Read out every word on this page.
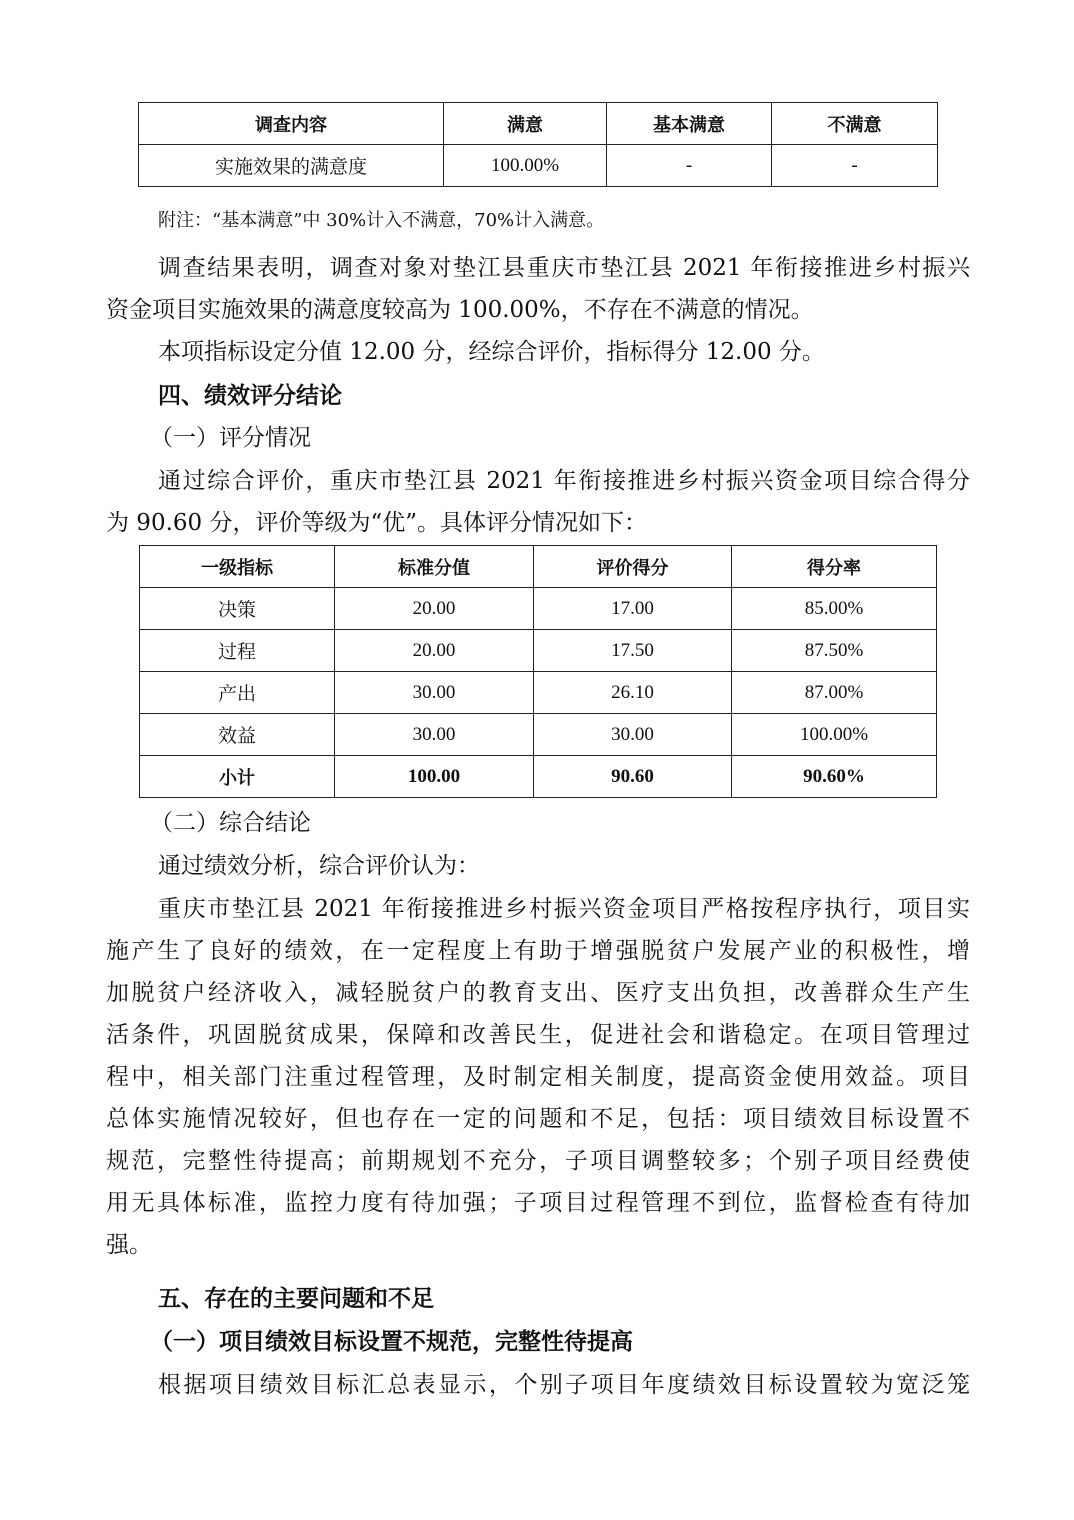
调查内容	满意	基本满意	不满意
实施效果的满意度	100.00%	-	-
附注：“基本满意”中 30%计入不满意，70%计入满意。
调查结果表明，调查对象对垫江县重庆市垫江县 2021 年衔接推进乡村振兴
资金项目实施效果的满意度较高为 100.00%，不存在不满意的情况。
本项指标设定分值 12.00 分，经综合评价，指标得分 12.00 分。
四、绩效评分结论
（一）评分情况
通过综合评价，重庆市垫江县 2021 年衔接推进乡村振兴资金项目综合得分
为 90.60 分，评价等级为“优”。具体评分情况如下：
一级指标	标准分值	评价得分	得分率
决策	20.00	17.00	85.00%
过程	20.00	17.50	87.50%
产出	30.00	26.10	87.00%
效益	30.00	30.00	100.00%
小计	100.00	90.60	90.60%
（二）综合结论
通过绩效分析，综合评价认为：
重庆市垫江县 2021 年衔接推进乡村振兴资金项目严格按程序执行，项目实
施产生了良好的绩效，在一定程度上有助于增强脱贫户发展产业的积极性，增
加脱贫户经济收入，减轻脱贫户的教育支出、医疗支出负担，改善群众生产生
活条件，巩固脱贫成果，保障和改善民生，促进社会和谐稳定。在项目管理过
程中，相关部门注重过程管理，及时制定相关制度，提高资金使用效益。项目
总体实施情况较好，但也存在一定的问题和不足，包括：项目绩效目标设置不
规范，完整性待提高；前期规划不充分，子项目调整较多；个别子项目经费使
用无具体标准，监控力度有待加强；子项目过程管理不到位，监督检查有待加
强。
五、存在的主要问题和不足
（一）项目绩效目标设置不规范，完整性待提高
根据项目绩效目标汇总表显示，个别子项目年度绩效目标设置较为宽泛笼
